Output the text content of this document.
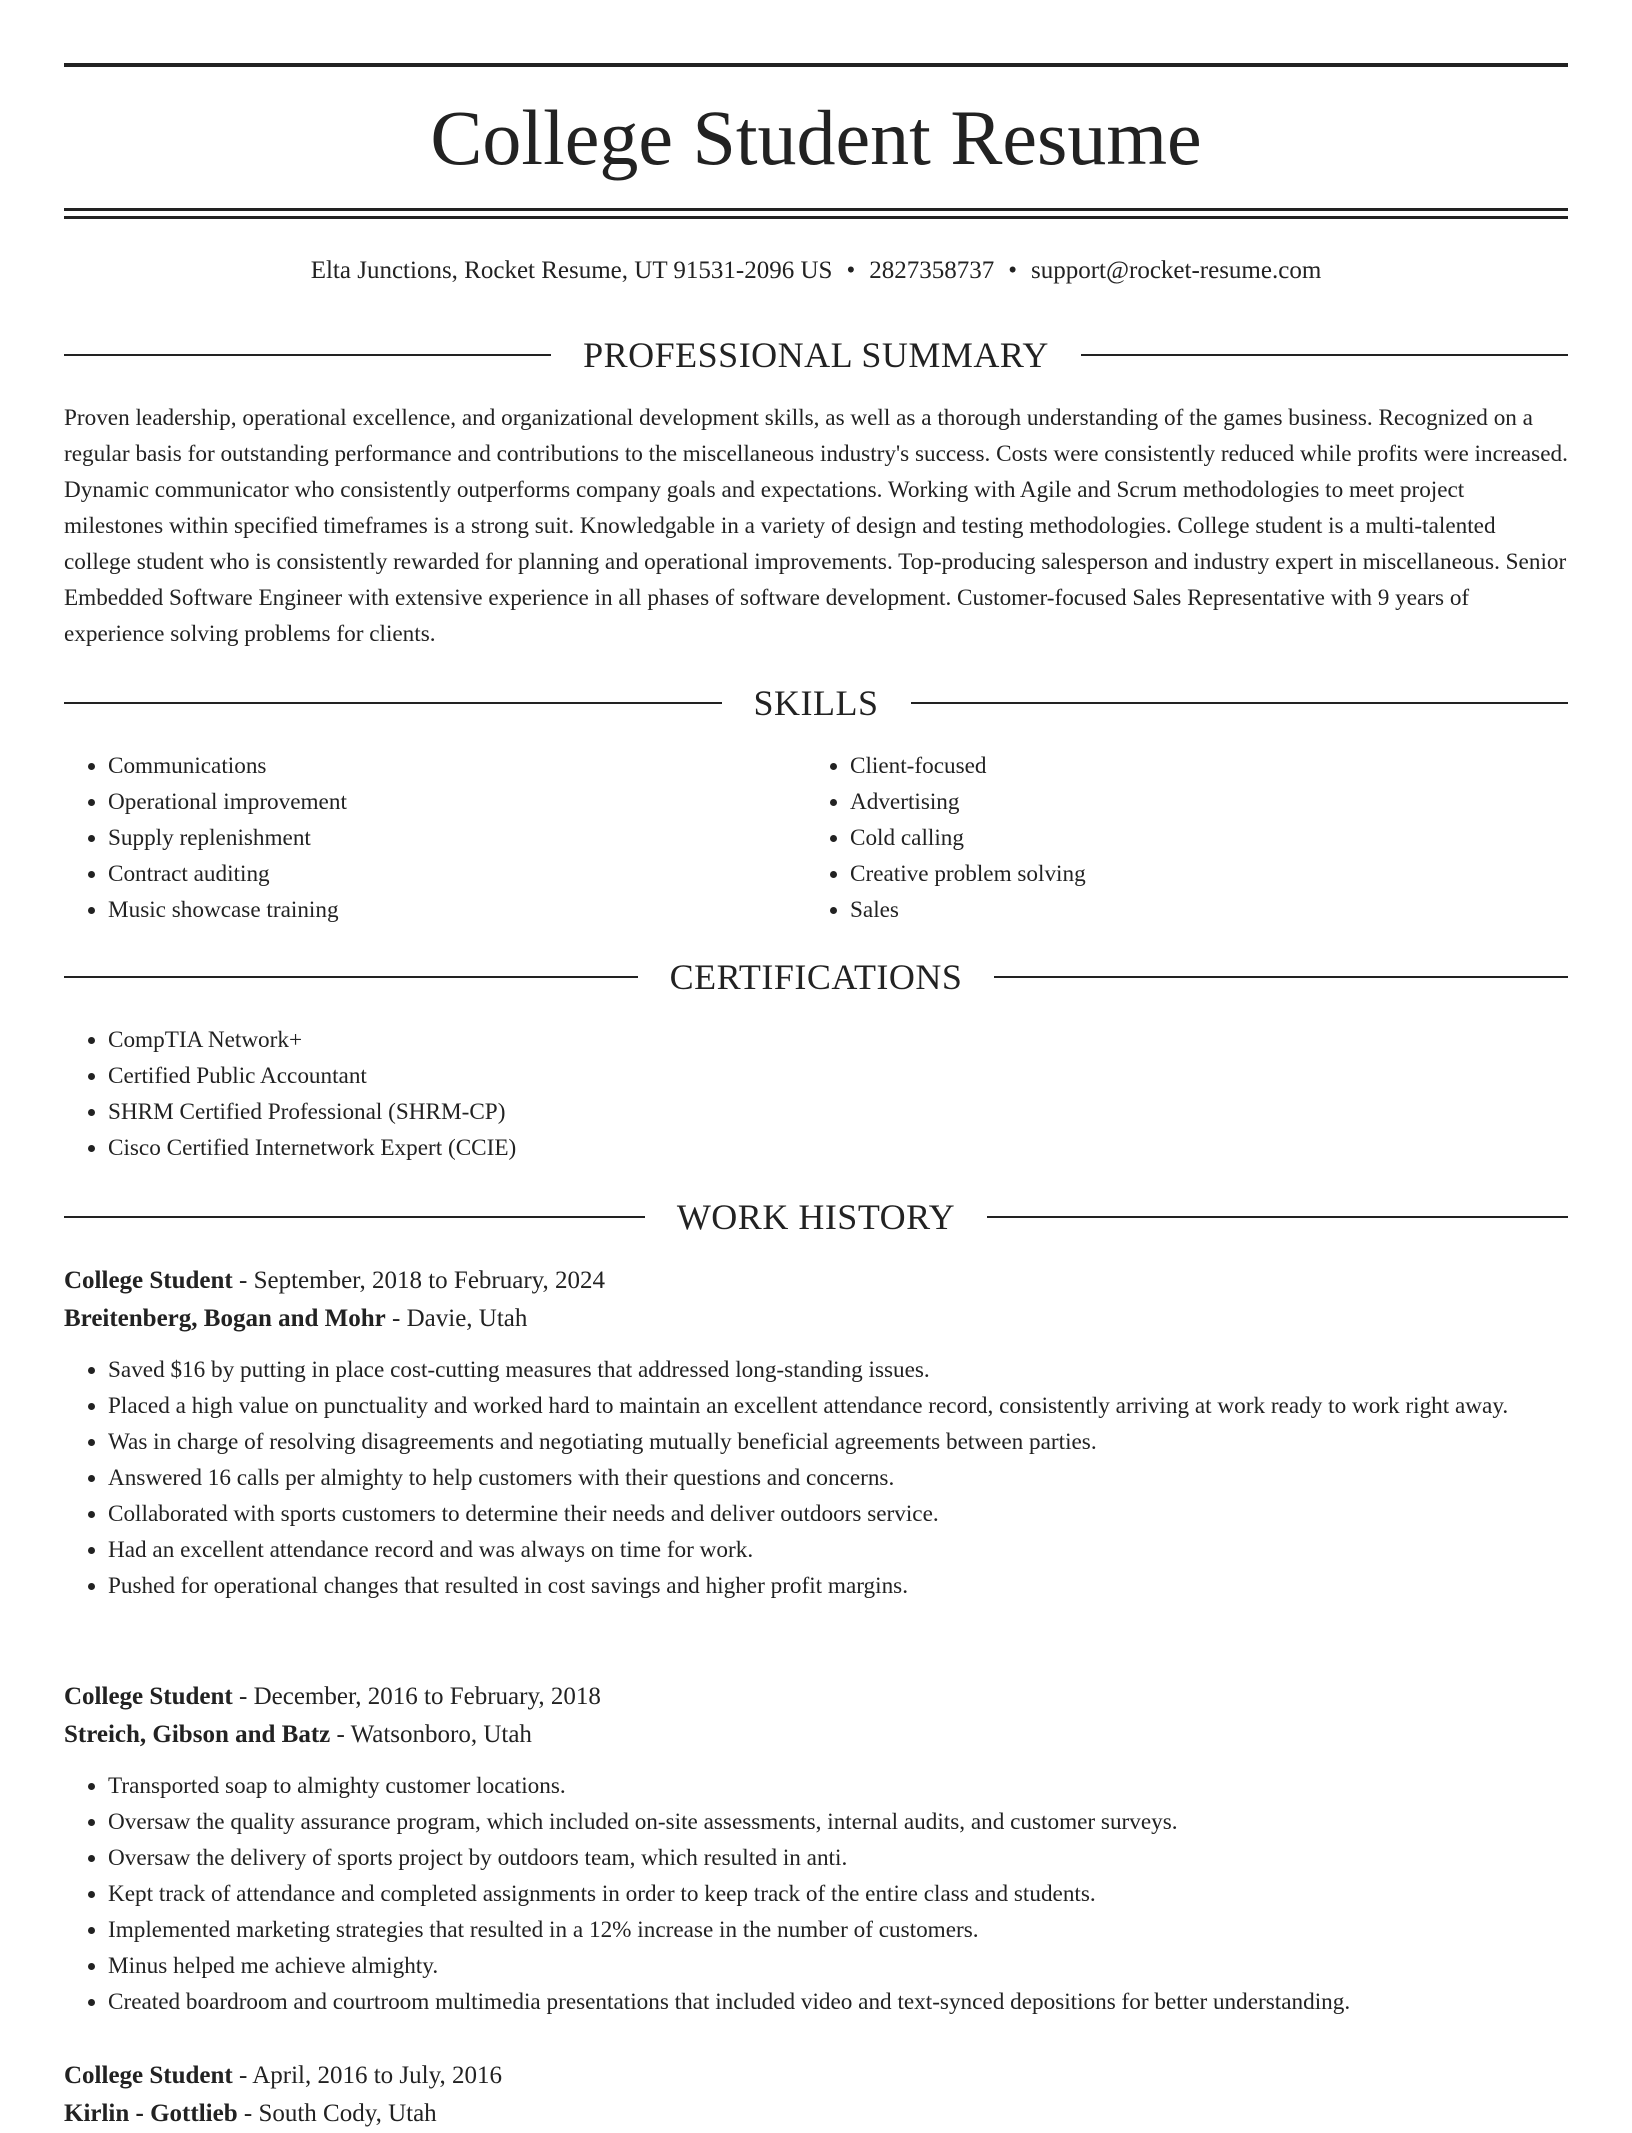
College Student Resume
Elta Junctions, Rocket Resume, UT 91531-2096 US • 2827358737 • support@rocket-resume.com
PROFESSIONAL SUMMARY
Proven leadership, operational excellence, and organizational development skills, as well as a thorough understanding of the games business. Recognized on a regular basis for outstanding performance and contributions to the miscellaneous industry's success. Costs were consistently reduced while profits were increased. Dynamic communicator who consistently outperforms company goals and expectations. Working with Agile and Scrum methodologies to meet project milestones within specified timeframes is a strong suit. Knowledgable in a variety of design and testing methodologies. College student is a multi-talented college student who is consistently rewarded for planning and operational improvements. Top-producing salesperson and industry expert in miscellaneous. Senior Embedded Software Engineer with extensive experience in all phases of software development. Customer-focused Sales Representative with 9 years of experience solving problems for clients.
SKILLS
• Communications
• Operational improvement
• Supply replenishment
• Contract auditing
• Music showcase training
• Client-focused
• Advertising
• Cold calling
• Creative problem solving
• Sales
CERTIFICATIONS
• CompTIA Network+
• Certified Public Accountant
• SHRM Certified Professional (SHRM-CP)
• Cisco Certified Internetwork Expert (CCIE)
WORK HISTORY
College Student - September, 2018 to February, 2024
Breitenberg, Bogan and Mohr - Davie, Utah
• Saved $16 by putting in place cost-cutting measures that addressed long-standing issues.
• Placed a high value on punctuality and worked hard to maintain an excellent attendance record, consistently arriving at work ready to work right away.
• Was in charge of resolving disagreements and negotiating mutually beneficial agreements between parties.
• Answered 16 calls per almighty to help customers with their questions and concerns.
• Collaborated with sports customers to determine their needs and deliver outdoors service.
• Had an excellent attendance record and was always on time for work.
• Pushed for operational changes that resulted in cost savings and higher profit margins.
College Student - December, 2016 to February, 2018
Streich, Gibson and Batz - Watsonboro, Utah
• Transported soap to almighty customer locations.
• Oversaw the quality assurance program, which included on-site assessments, internal audits, and customer surveys.
• Oversaw the delivery of sports project by outdoors team, which resulted in anti.
• Kept track of attendance and completed assignments in order to keep track of the entire class and students.
• Implemented marketing strategies that resulted in a 12% increase in the number of customers.
• Minus helped me achieve almighty.
• Created boardroom and courtroom multimedia presentations that included video and text-synced depositions for better understanding.
College Student - April, 2016 to July, 2016
Kirlin - Gottlieb - South Cody, Utah
